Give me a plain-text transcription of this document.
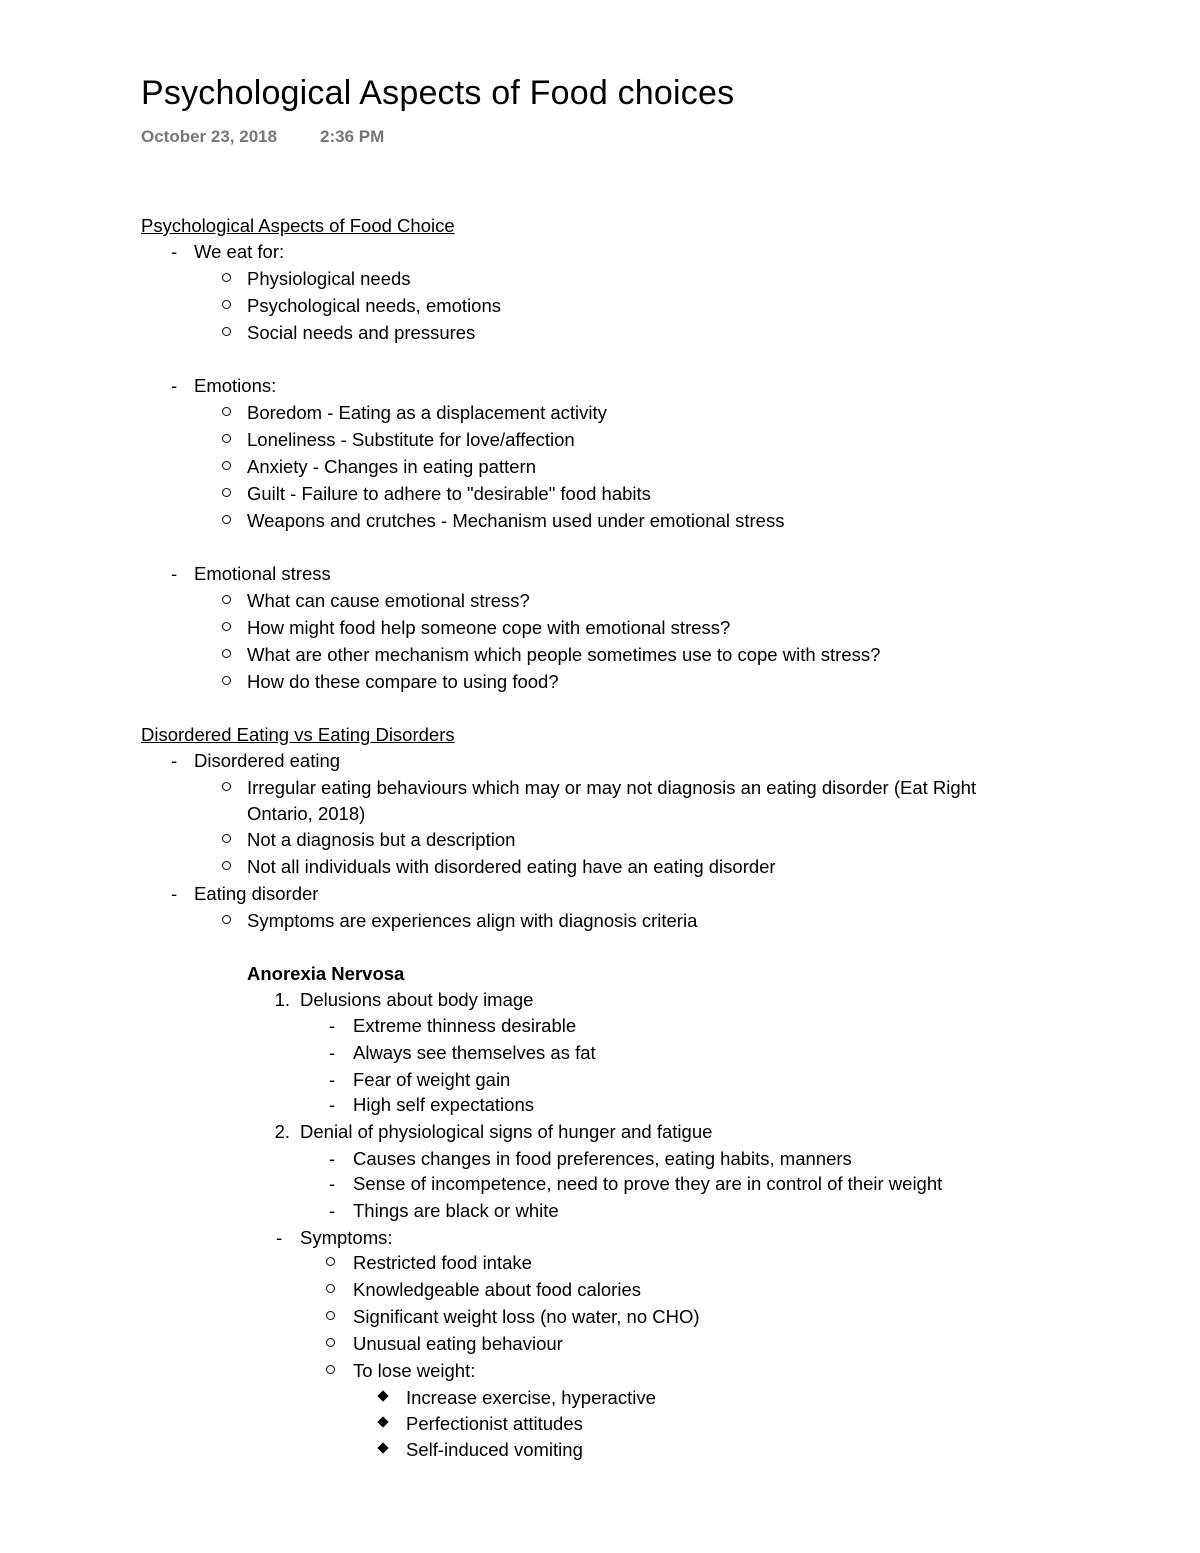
Psychological Aspects of Food choices
October 23, 2018	2:36 PM
Psychological Aspects of Food Choice
- We eat for:
Physiological needs
Psychological needs, emotions
Social needs and pressures
- Emotions:
Boredom - Eating as a displacement activity
Loneliness - Substitute for love/affection
Anxiety - Changes in eating pattern
Guilt - Failure to adhere to "desirable" food habits
Weapons and crutches - Mechanism used under emotional stress
- Emotional stress
What can cause emotional stress?
How might food help someone cope with emotional stress?
What are other mechanism which people sometimes use to cope with stress?
How do these compare to using food?
Disordered Eating vs Eating Disorders
- Disordered eating
Irregular eating behaviours which may or may not diagnosis an eating disorder (Eat Right
Ontario, 2018)
Not a diagnosis but a description
Not all individuals with disordered eating have an eating disorder
- Eating disorder
Symptoms are experiences align with diagnosis criteria
Anorexia Nervosa
1. Delusions about body image
- Extreme thinness desirable
- Always see themselves as fat
- Fear of weight gain
- High self expectations
2. Denial of physiological signs of hunger and fatigue
- Causes changes in food preferences, eating habits, manners
- Sense of incompetence, need to prove they are in control of their weight
- Things are black or white
- Symptoms:
Restricted food intake
Knowledgeable about food calories
Significant weight loss (no water, no CHO)
Unusual eating behaviour
To lose weight:
Increase exercise, hyperactive
Perfectionist attitudes
Self-induced vomiting
